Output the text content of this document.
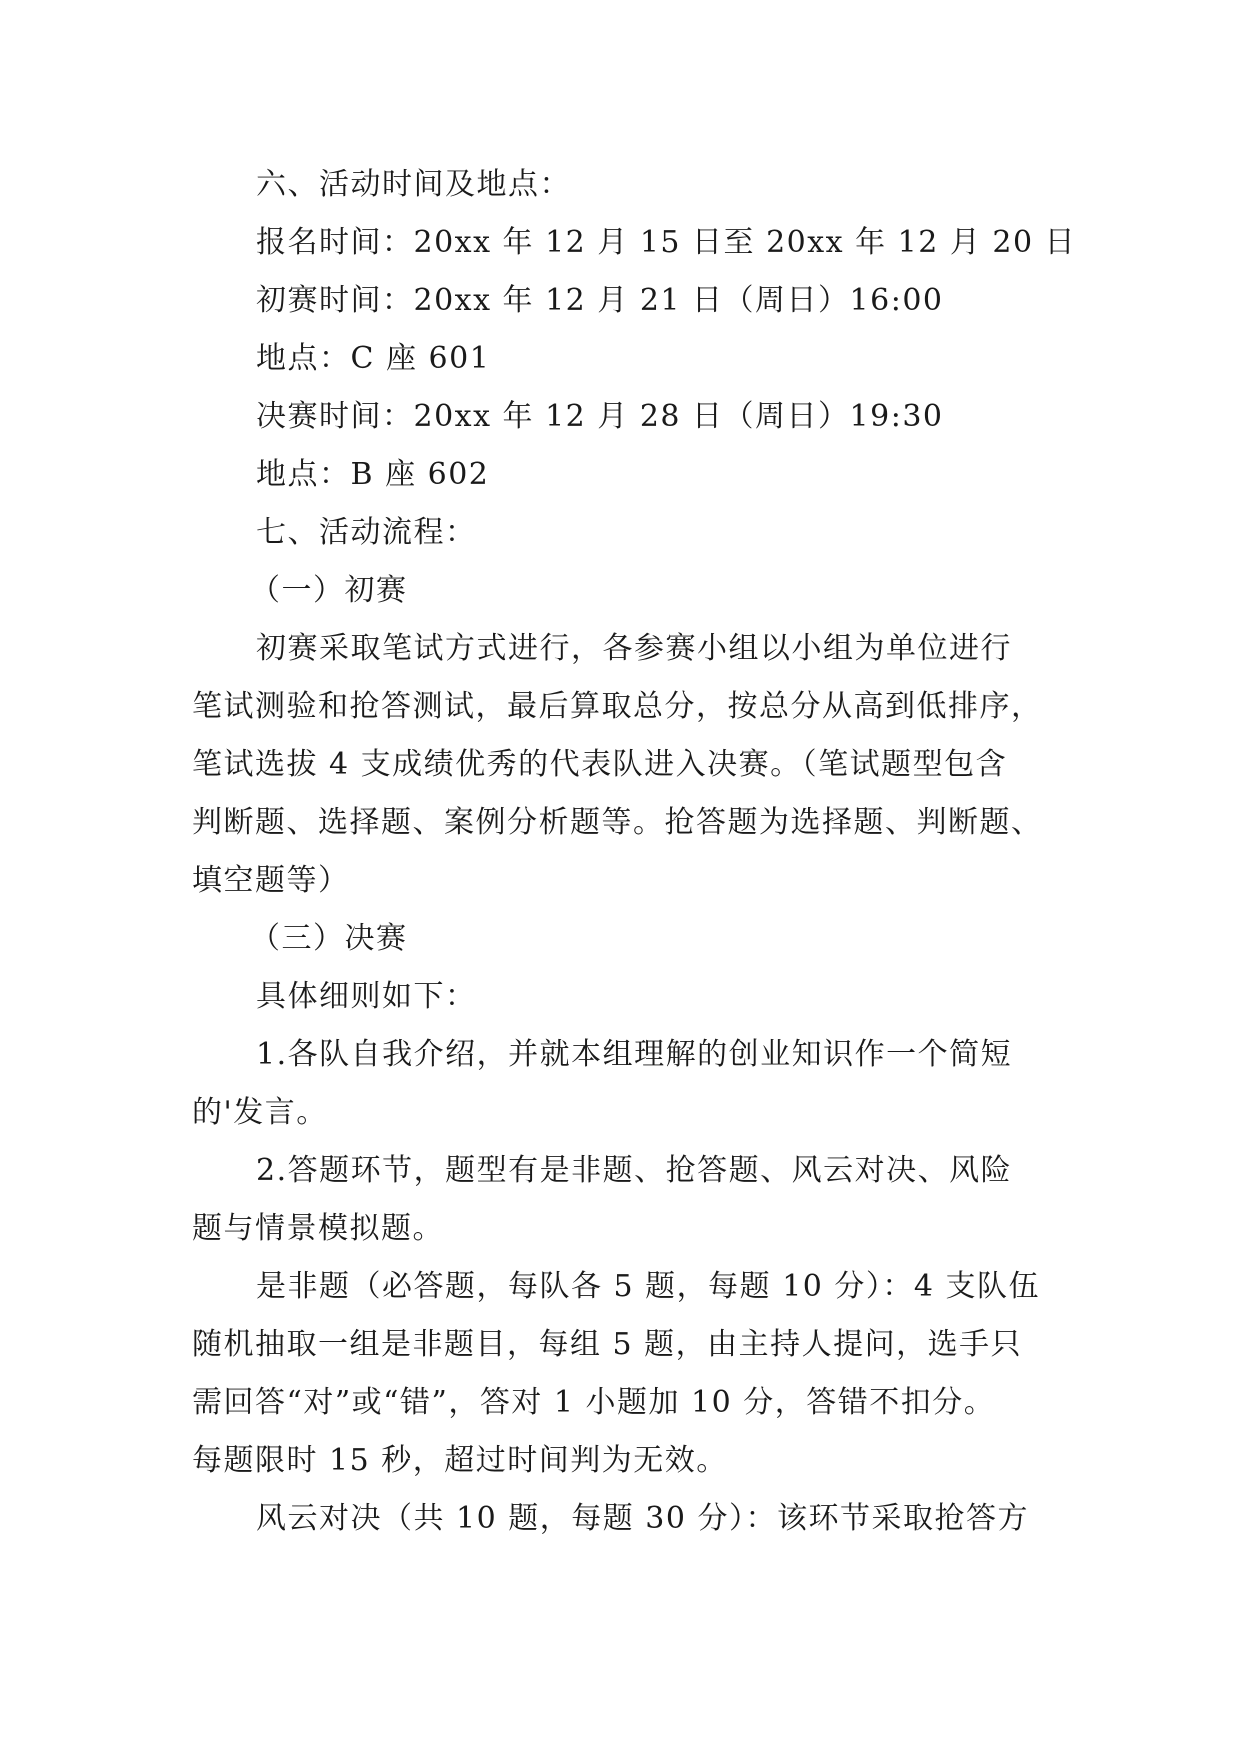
六、活动时间及地点：
报名时间：20xx 年 12 月 15 日至 20xx 年 12 月 20 日
初赛时间：20xx 年 12 月 21 日（周日）16:00
地点：C 座 601
决赛时间：20xx 年 12 月 28 日（周日）19:30
地点：B 座 602
七、活动流程：
（一）初赛
初赛采取笔试方式进行，各参赛小组以小组为单位进行
笔试测验和抢答测试，最后算取总分，按总分从高到低排序，
笔试选拔 4 支成绩优秀的代表队进入决赛。（笔试题型包含
判断题、选择题、案例分析题等。抢答题为选择题、判断题、
填空题等）
（三）决赛
具体细则如下：
1.各队自我介绍，并就本组理解的创业知识作一个简短
的'发言。
2.答题环节，题型有是非题、抢答题、风云对决、风险
题与情景模拟题。
是非题（必答题，每队各 5 题，每题 10 分）：4 支队伍
随机抽取一组是非题目，每组 5 题，由主持人提问，选手只
需回答“对”或“错”，答对 1 小题加 10 分，答错不扣分。
每题限时 15 秒，超过时间判为无效。
风云对决（共 10 题，每题 30 分）：该环节采取抢答方
